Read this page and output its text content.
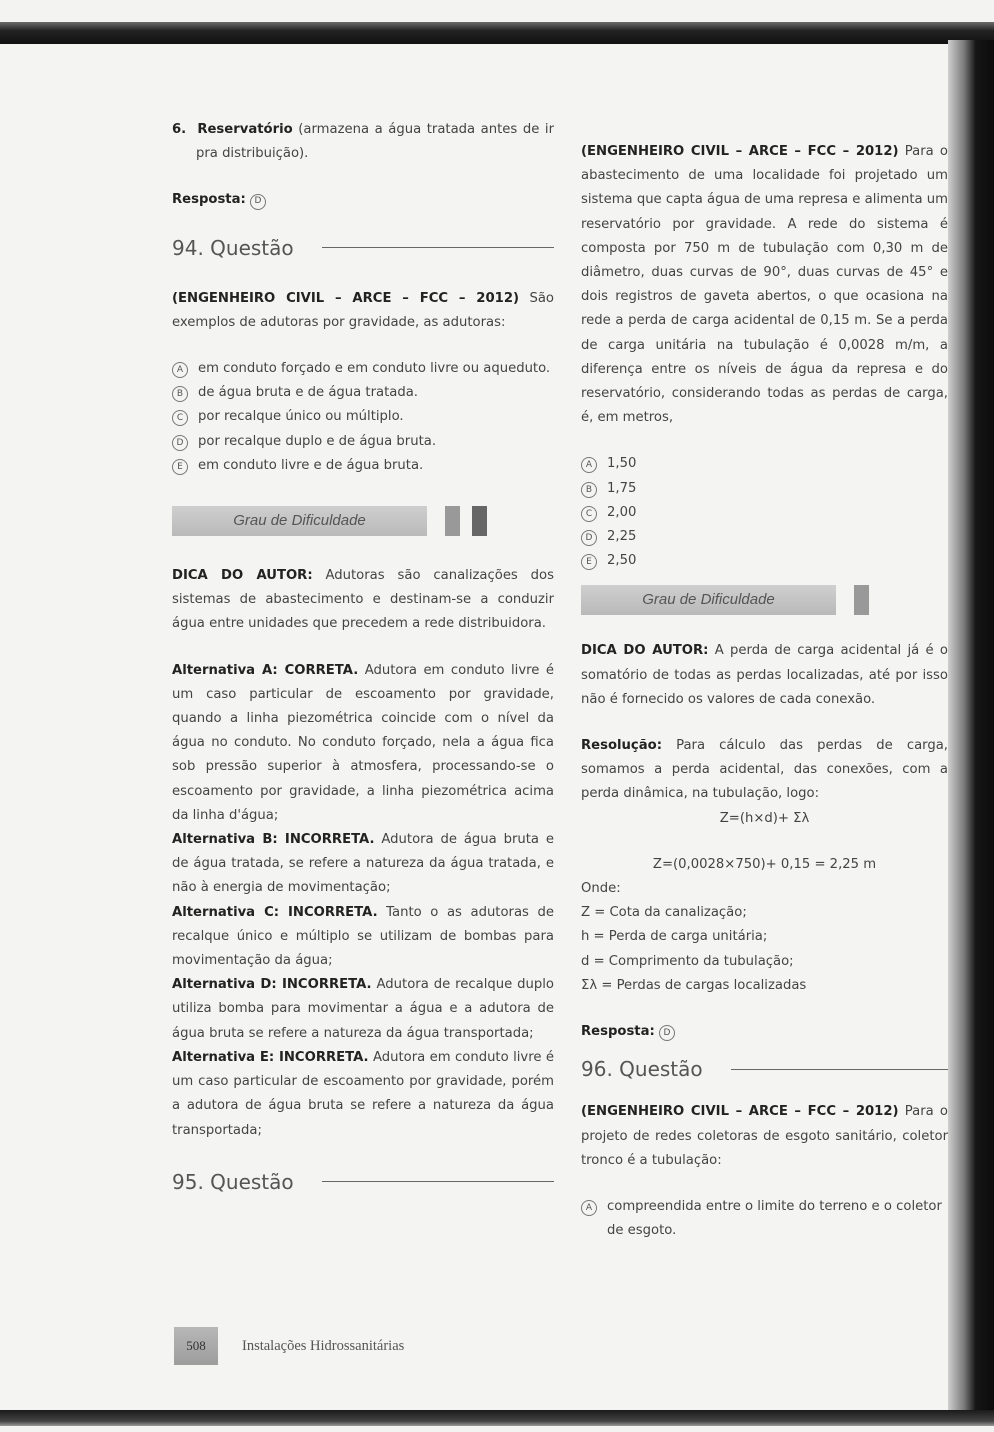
6. Reservatório (armazena a água tratada antes de ir pra distribuição).

Resposta: D

94. Questão

(ENGENHEIRO CIVIL – ARCE – FCC – 2012) São exemplos de adutoras por gravidade, as adutoras:

A	em conduto forçado e em conduto livre ou aqueduto.

B	de água bruta e de água tratada.

C	por recalque único ou múltiplo.

D	por recalque duplo e de água bruta.

E	em conduto livre e de água bruta.

Grau de Dificuldade

DICA DO AUTOR: Adutoras são canalizações dos sistemas de abastecimento e destinam-se a conduzir água entre unidades que precedem a rede distribuidora.

Alternativa A: CORRETA. Adutora em conduto livre é um caso particular de escoamento por gravidade, quando a linha piezométrica coincide com o nível da água no conduto. No conduto forçado, nela a água fica sob pressão superior à atmosfera, processando-se o escoamento por gravidade, a linha piezométrica acima da linha d'água;

Alternativa B: INCORRETA. Adutora de água bruta e de água tratada, se refere a natureza da água tratada, e não à energia de movimentação;

Alternativa C: INCORRETA. Tanto o as adutoras de recalque único e múltiplo se utilizam de bombas para movimentação da água;

Alternativa D: INCORRETA. Adutora de recalque duplo utiliza bomba para movimentar a água e a adutora de água bruta se refere a natureza da água transportada;

Alternativa E: INCORRETA. Adutora em conduto livre é um caso particular de escoamento por gravidade, porém a adutora de água bruta se refere a natureza da água transportada;

95. Questão

(ENGENHEIRO CIVIL – ARCE – FCC – 2012) Para o abastecimento de uma localidade foi projetado um sistema que capta água de uma represa e alimenta um reservatório por gravidade. A rede do sistema é composta por 750 m de tubulação com 0,30 m de diâmetro, duas curvas de 90°, duas curvas de 45° e dois registros de gaveta abertos, o que ocasiona na rede a perda de carga acidental de 0,15 m. Se a perda de carga unitária na tubulação é 0,0028 m/m, a diferença entre os níveis de água da represa e do reservatório, considerando todas as perdas de carga, é, em metros,

A	1,50

B	1,75

C	2,00

D	2,25

E	2,50

Grau de Dificuldade

DICA DO AUTOR: A perda de carga acidental já é o somatório de todas as perdas localizadas, até por isso não é fornecido os valores de cada conexão.

Resolução: Para cálculo das perdas de carga, somamos a perda acidental, das conexões, com a perda dinâmica, na tubulação, logo:

Z=(h×d)+ Σλ

Z=(0,0028×750)+ 0,15 = 2,25 m

Onde:

Z = Cota da canalização;

h = Perda de carga unitária;

d = Comprimento da tubulação;

Σλ = Perdas de cargas localizadas

Resposta: D

96. Questão

(ENGENHEIRO CIVIL – ARCE – FCC – 2012) Para o projeto de redes coletoras de esgoto sanitário, coletor tronco é a tubulação:

A	compreendida entre o limite do terreno e o coletor de esgoto.

508	Instalações Hidrossanitárias
